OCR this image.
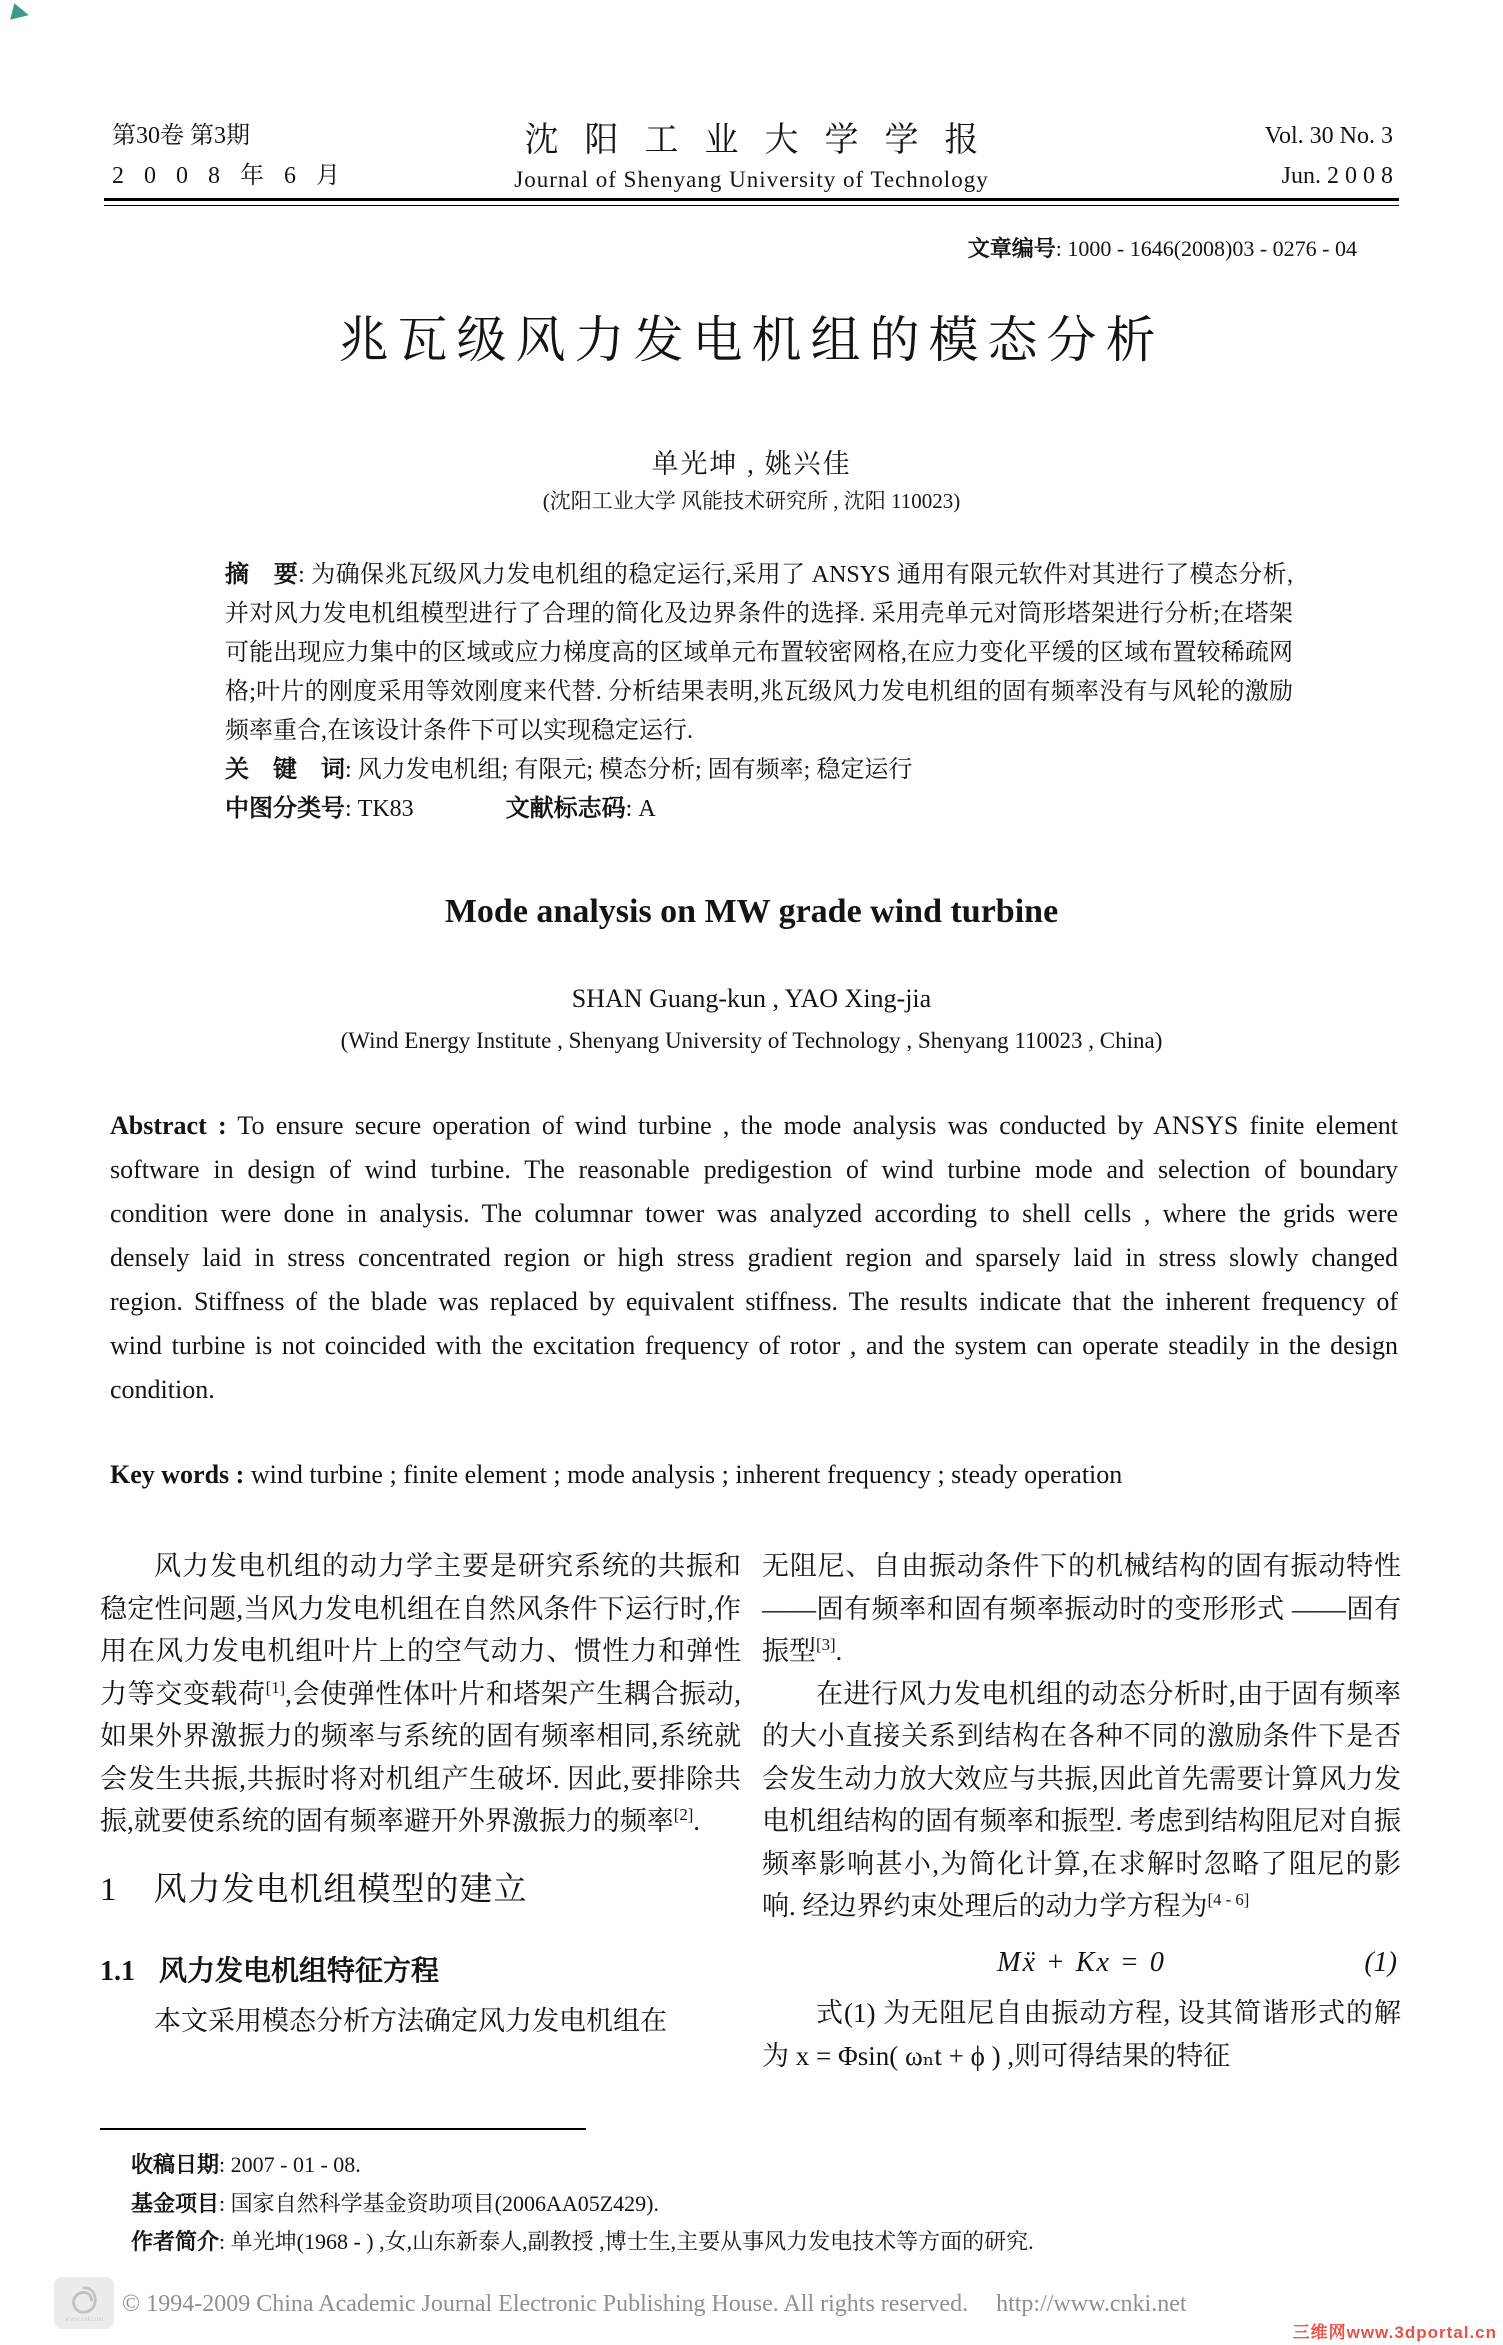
第30卷 第3期
2 0 0 8 年 6 月
沈阳工业大学学报
Journal of Shenyang University of Technology
Vol. 30 No. 3
Jun. 2 0 0 8
文章编号: 1000 - 1646(2008)03 - 0276 - 04
兆瓦级风力发电机组的模态分析
单光坤 , 姚兴佳
(沈阳工业大学 风能技术研究所 , 沈阳 110023)

摘　要: 为确保兆瓦级风力发电机组的稳定运行,采用了 ANSYS 通用有限元软件对其进行了模态分析,并对风力发电机组模型进行了合理的简化及边界条件的选择. 采用壳单元对筒形塔架进行分析;在塔架可能出现应力集中的区域或应力梯度高的区域单元布置较密网格,在应力变化平缓的区域布置较稀疏网格;叶片的刚度采用等效刚度来代替. 分析结果表明,兆瓦级风力发电机组的固有频率没有与风轮的激励频率重合,在该设计条件下可以实现稳定运行.

关　键　词: 风力发电机组; 有限元; 模态分析; 固有频率; 稳定运行

中图分类号: TK83	文献标志码: A

Mode analysis on MW grade wind turbine
SHAN Guang-kun , YAO Xing-jia
(Wind Energy Institute , Shenyang University of Technology , Shenyang 110023 , China)
Abstract : To ensure secure operation of wind turbine , the mode analysis was conducted by ANSYS finite element software in design of wind turbine. The reasonable predigestion of wind turbine mode and selection of boundary condition were done in analysis. The columnar tower was analyzed according to shell cells , where the grids were densely laid in stress concentrated region or high stress gradient region and sparsely laid in stress slowly changed region. Stiffness of the blade was replaced by equivalent stiffness. The results indicate that the inherent frequency of wind turbine is not coincided with the excitation frequency of rotor , and the system can operate steadily in the design condition.
Key words : wind turbine ; finite element ; mode analysis ; inherent frequency ; steady operation

风力发电机组的动力学主要是研究系统的共振和稳定性问题,当风力发电机组在自然风条件下运行时,作用在风力发电机组叶片上的空气动力、惯性力和弹性力等交变载荷[1],会使弹性体叶片和塔架产生耦合振动,如果外界激振力的频率与系统的固有频率相同,系统就会发生共振,共振时将对机组产生破坏. 因此,要排除共振,就要使系统的固有频率避开外界激振力的频率[2].

1 风力发电机组模型的建立
1.1 风力发电机组特征方程

本文采用模态分析方法确定风力发电机组在

无阻尼、自由振动条件下的机械结构的固有振动特性 ——固有频率和固有频率振动时的变形形式 ——固有振型[3].

在进行风力发电机组的动态分析时,由于固有频率的大小直接关系到结构在各种不同的激励条件下是否会发生动力放大效应与共振,因此首先需要计算风力发电机组结构的固有频率和振型. 考虑到结构阻尼对自振频率影响甚小,为简化计算,在求解时忽略了阻尼的影响. 经边界约束处理后的动力学方程为[4 - 6]

Mẍ + Kx = 0	(1)

式(1) 为无阻尼自由振动方程, 设其简谐形式的解为 x = Φsin( ωₙt + ϕ ) ,则可得结果的特征

收稿日期: 2007 - 01 - 08.
基金项目: 国家自然科学基金资助项目(2006AA05Z429).
作者简介: 单光坤(1968 - ) ,女,山东新泰人,副教授 ,博士生,主要从事风力发电技术等方面的研究.
www.cnki.net
© 1994-2009 China Academic Journal Electronic Publishing House. All rights reserved. http://www.cnki.net
三维网www.3dportal.cn
